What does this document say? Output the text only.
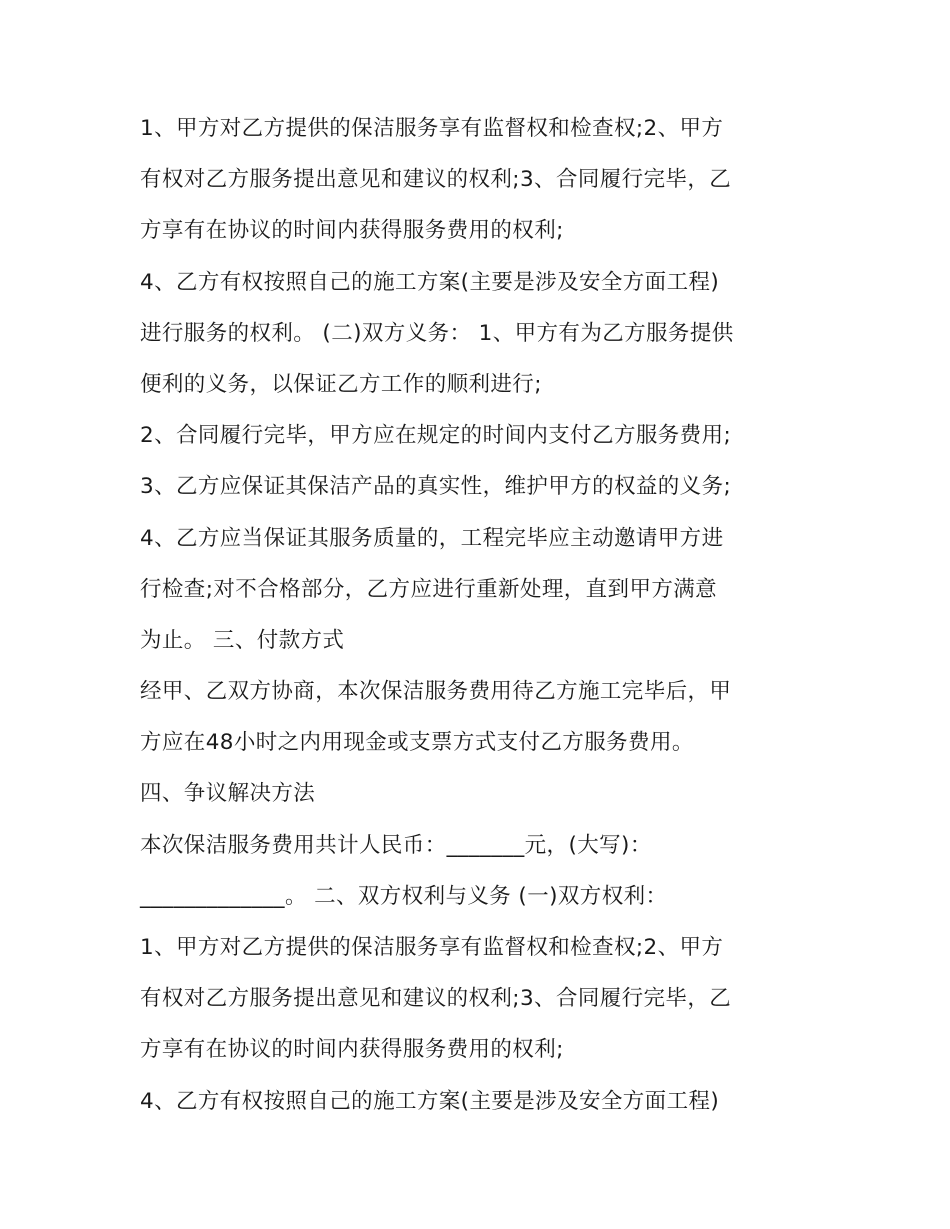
1、甲方对乙方提供的保洁服务享有监督权和检查权;2、甲方
有权对乙方服务提出意见和建议的权利;3、合同履行完毕，乙
方享有在协议的时间内获得服务费用的权利;
4、乙方有权按照自己的施工方案(主要是涉及安全方面工程)
进行服务的权利。 (二)双方义务： 1、甲方有为乙方服务提供
便利的义务，以保证乙方工作的顺利进行;
2、合同履行完毕，甲方应在规定的时间内支付乙方服务费用;
3、乙方应保证其保洁产品的真实性，维护甲方的权益的义务;
4、乙方应当保证其服务质量的，工程完毕应主动邀请甲方进
行检查;对不合格部分，乙方应进行重新处理，直到甲方满意
为止。 三、付款方式
经甲、乙双方协商，本次保洁服务费用待乙方施工完毕后，甲
方应在48小时之内用现金或支票方式支付乙方服务费用。
四、争议解决方法
本次保洁服务费用共计人民币：_______元，(大写)：
_____________。 二、双方权利与义务 (一)双方权利：
1、甲方对乙方提供的保洁服务享有监督权和检查权;2、甲方
有权对乙方服务提出意见和建议的权利;3、合同履行完毕，乙
方享有在协议的时间内获得服务费用的权利;
4、乙方有权按照自己的施工方案(主要是涉及安全方面工程)
